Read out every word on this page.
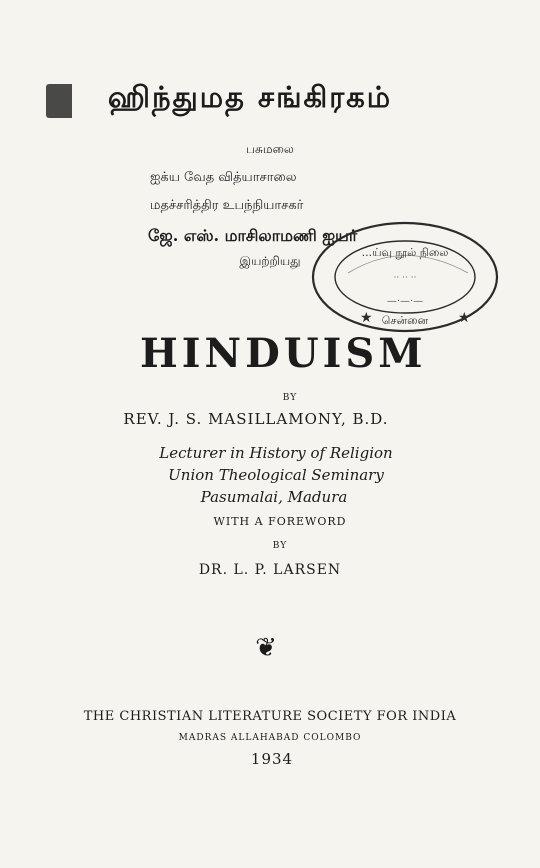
ஹிந்துமத சங்கிரகம்
பசுமலை
ஐக்ய வேத வித்யாசாலை
மதச்சரித்திர உபந்நியாசகர்
ஜே. எஸ். மாசிலாமணி ஐயர்
இயற்றியது
...ய்வு நூல் நிலை
·· ·· ··
—·—·—
சென்னை
★	★
HINDUISM
BY
REV. J. S. MASILLAMONY, B.D.
Lecturer in History of Religion
Union Theological Seminary
Pasumalai, Madura
WITH A FOREWORD
BY
DR. L. P. LARSEN
❦
THE CHRISTIAN LITERATURE SOCIETY FOR INDIA
MADRAS ALLAHABAD COLOMBO
1934
